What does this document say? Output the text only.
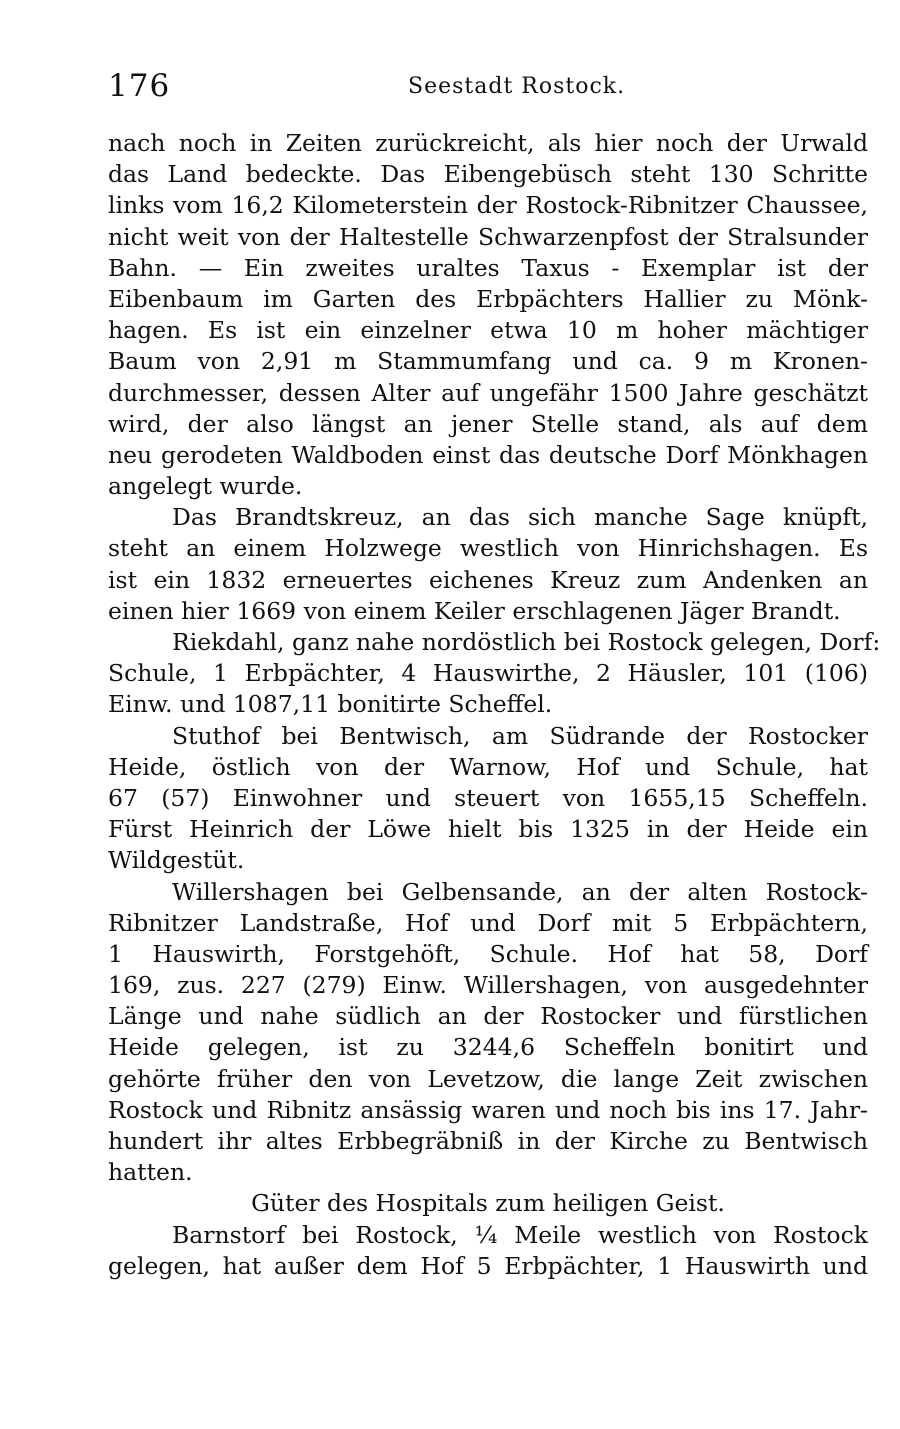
176	Seestadt Rostock.
nach noch in Zeiten zurückreicht, als hier noch der Urwald
das Land bedeckte. Das Eibengebüsch steht 130 Schritte
links vom 16,2 Kilometerstein der Rostock-Ribnitzer Chaussee,
nicht weit von der Haltestelle Schwarzenpfost der Stralsunder
Bahn. — Ein zweites uraltes Taxus - Exemplar ist der
Eibenbaum im Garten des Erbpächters Hallier zu Mönk-
hagen. Es ist ein einzelner etwa 10 m hoher mächtiger
Baum von 2,91 m Stammumfang und ca. 9 m Kronen-
durchmesser, dessen Alter auf ungefähr 1500 Jahre geschätzt
wird, der also längst an jener Stelle stand, als auf dem
neu gerodeten Waldboden einst das deutsche Dorf Mönkhagen
angelegt wurde.
Das Brandtskreuz, an das sich manche Sage knüpft,
steht an einem Holzwege westlich von Hinrichshagen. Es
ist ein 1832 erneuertes eichenes Kreuz zum Andenken an
einen hier 1669 von einem Keiler erschlagenen Jäger Brandt.
Riekdahl, ganz nahe nordöstlich bei Rostock gelegen, Dorf:
Schule, 1 Erbpächter, 4 Hauswirthe, 2 Häusler, 101 (106)
Einw. und 1087,11 bonitirte Scheffel.
Stuthof bei Bentwisch, am Südrande der Rostocker
Heide, östlich von der Warnow, Hof und Schule, hat
67 (57) Einwohner und steuert von 1655,15 Scheffeln.
Fürst Heinrich der Löwe hielt bis 1325 in der Heide ein
Wildgestüt.
Willershagen bei Gelbensande, an der alten Rostock-
Ribnitzer Landstraße, Hof und Dorf mit 5 Erbpächtern,
1 Hauswirth, Forstgehöft, Schule. Hof hat 58, Dorf
169, zus. 227 (279) Einw. Willershagen, von ausgedehnter
Länge und nahe südlich an der Rostocker und fürstlichen
Heide gelegen, ist zu 3244,6 Scheffeln bonitirt und
gehörte früher den von Levetzow, die lange Zeit zwischen
Rostock und Ribnitz ansässig waren und noch bis ins 17. Jahr-
hundert ihr altes Erbbegräbniß in der Kirche zu Bentwisch
hatten.
Güter des Hospitals zum heiligen Geist.
Barnstorf bei Rostock, ¼ Meile westlich von Rostock
gelegen, hat außer dem Hof 5 Erbpächter, 1 Hauswirth und
